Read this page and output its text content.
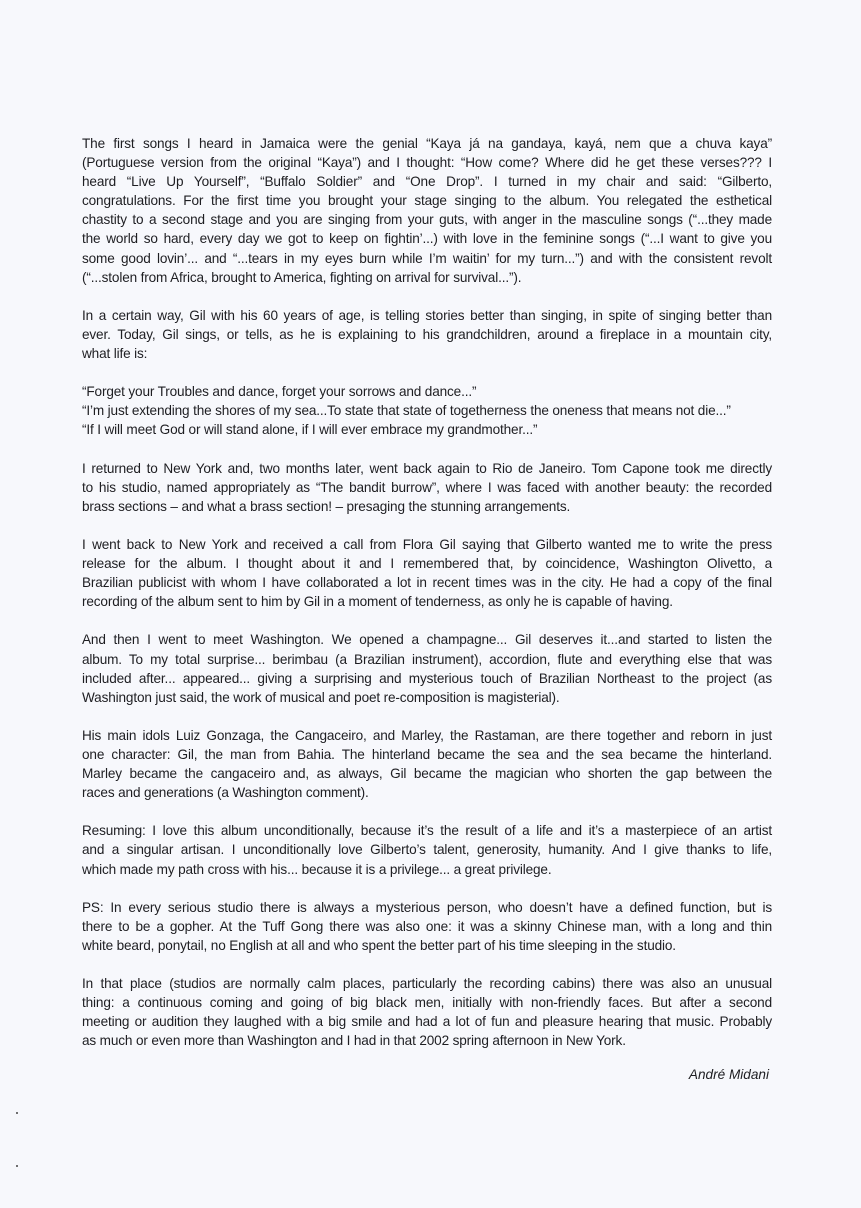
The first songs I heard in Jamaica were the genial “Kaya já na gandaya, kayá, nem que a chuva kaya”
(Portuguese version from the original “Kaya”) and I thought: “How come? Where did he get these verses??? I
heard “Live Up Yourself”, “Buffalo Soldier” and “One Drop”. I turned in my chair and said: “Gilberto,
congratulations. For the first time you brought your stage singing to the album. You relegated the esthetical
chastity to a second stage and you are singing from your guts, with anger in the masculine songs (“...they made
the world so hard, every day we got to keep on fightin’...) with love in the feminine songs (“...I want to give you
some good lovin’... and “...tears in my eyes burn while I’m waitin’ for my turn...”) and with the consistent revolt
(“...stolen from Africa, brought to America, fighting on arrival for survival...”).

In a certain way, Gil with his 60 years of age, is telling stories better than singing, in spite of singing better than
ever. Today, Gil sings, or tells, as he is explaining to his grandchildren, around a fireplace in a mountain city,
what life is:

“Forget your Troubles and dance, forget your sorrows and dance...”
“I’m just extending the shores of my sea...To state that state of togetherness the oneness that means not die...”
“If I will meet God or will stand alone, if I will ever embrace my grandmother...”

I returned to New York and, two months later, went back again to Rio de Janeiro. Tom Capone took me directly
to his studio, named appropriately as “The bandit burrow”, where I was faced with another beauty: the recorded
brass sections – and what a brass section! – presaging the stunning arrangements.

I went back to New York and received a call from Flora Gil saying that Gilberto wanted me to write the press
release for the album. I thought about it and I remembered that, by coincidence, Washington Olivetto, a
Brazilian publicist with whom I have collaborated a lot in recent times was in the city. He had a copy of the final
recording of the album sent to him by Gil in a moment of tenderness, as only he is capable of having.

And then I went to meet Washington. We opened a champagne... Gil deserves it...and started to listen the
album. To my total surprise... berimbau (a Brazilian instrument), accordion, flute and everything else that was
included after... appeared... giving a surprising and mysterious touch of Brazilian Northeast to the project (as
Washington just said, the work of musical and poet re-composition is magisterial).

His main idols Luiz Gonzaga, the Cangaceiro, and Marley, the Rastaman, are there together and reborn in just
one character: Gil, the man from Bahia. The hinterland became the sea and the sea became the hinterland.
Marley became the cangaceiro and, as always, Gil became the magician who shorten the gap between the
races and generations (a Washington comment).

Resuming: I love this album unconditionally, because it’s the result of a life and it’s a masterpiece of an artist
and a singular artisan. I unconditionally love Gilberto’s talent, generosity, humanity. And I give thanks to life,
which made my path cross with his... because it is a privilege... a great privilege.

PS: In every serious studio there is always a mysterious person, who doesn’t have a defined function, but is
there to be a gopher. At the Tuff Gong there was also one: it was a skinny Chinese man, with a long and thin
white beard, ponytail, no English at all and who spent the better part of his time sleeping in the studio.

In that place (studios are normally calm places, particularly the recording cabins) there was also an unusual
thing: a continuous coming and going of big black men, initially with non-friendly faces. But after a second
meeting or audition they laughed with a big smile and had a lot of fun and pleasure hearing that music. Probably
as much or even more than Washington and I had in that 2002 spring afternoon in New York.

André Midani
